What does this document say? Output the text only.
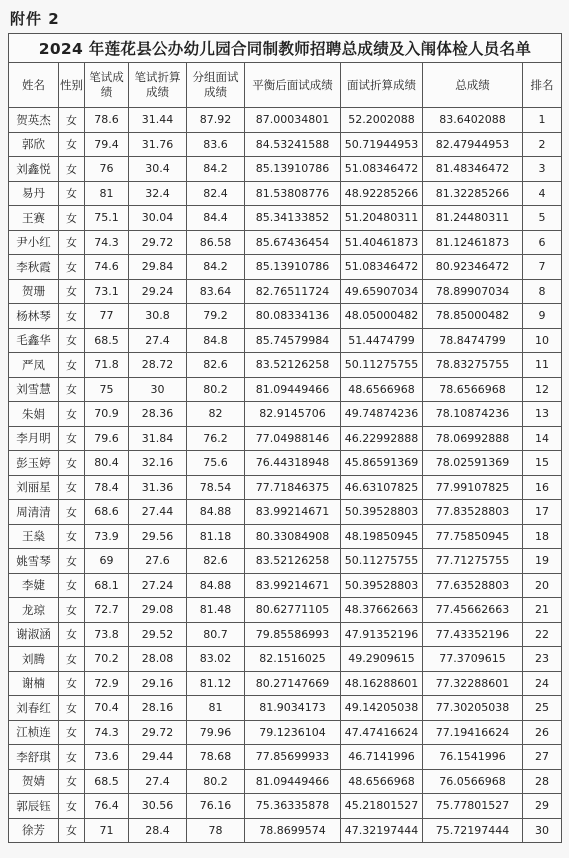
附件 2
2024 年莲花县公办幼儿园合同制教师招聘总成绩及入闱体检人员名单								
姓名	性别	笔试成绩	笔试折算成绩	分组面试成绩	平衡后面试成绩	面试折算成绩	总成绩	排名
贺英杰	女	78.6	31.44	87.92	87.00034801	52.2002088	83.6402088	1
郭欣	女	79.4	31.76	83.6	84.53241588	50.71944953	82.47944953	2
刘鑫悦	女	76	30.4	84.2	85.13910786	51.08346472	81.48346472	3
易丹	女	81	32.4	82.4	81.53808776	48.92285266	81.32285266	4
王赛	女	75.1	30.04	84.4	85.34133852	51.20480311	81.24480311	5
尹小红	女	74.3	29.72	86.58	85.67436454	51.40461873	81.12461873	6
李秋霞	女	74.6	29.84	84.2	85.13910786	51.08346472	80.92346472	7
贺珊	女	73.1	29.24	83.64	82.76511724	49.65907034	78.89907034	8
杨林琴	女	77	30.8	79.2	80.08334136	48.05000482	78.85000482	9
毛鑫华	女	68.5	27.4	84.8	85.74579984	51.4474799	78.8474799	10
严凤	女	71.8	28.72	82.6	83.52126258	50.11275755	78.83275755	11
刘雪慧	女	75	30	80.2	81.09449466	48.6566968	78.6566968	12
朱娟	女	70.9	28.36	82	82.9145706	49.74874236	78.10874236	13
李月明	女	79.6	31.84	76.2	77.04988146	46.22992888	78.06992888	14
彭玉婷	女	80.4	32.16	75.6	76.44318948	45.86591369	78.02591369	15
刘丽星	女	78.4	31.36	78.54	77.71846375	46.63107825	77.99107825	16
周清清	女	68.6	27.44	84.88	83.99214671	50.39528803	77.83528803	17
王燊	女	73.9	29.56	81.18	80.33084908	48.19850945	77.75850945	18
姚雪琴	女	69	27.6	82.6	83.52126258	50.11275755	77.71275755	19
李婕	女	68.1	27.24	84.88	83.99214671	50.39528803	77.63528803	20
龙琼	女	72.7	29.08	81.48	80.62771105	48.37662663	77.45662663	21
谢淑涵	女	73.8	29.52	80.7	79.85586993	47.91352196	77.43352196	22
刘腾	女	70.2	28.08	83.02	82.1516025	49.2909615	77.3709615	23
谢楠	女	72.9	29.16	81.12	80.27147669	48.16288601	77.32288601	24
刘春红	女	70.4	28.16	81	81.9034173	49.14205038	77.30205038	25
江桢连	女	74.3	29.72	79.96	79.1236104	47.47416624	77.19416624	26
李舒琪	女	73.6	29.44	78.68	77.85699933	46.7141996	76.1541996	27
贺婧	女	68.5	27.4	80.2	81.09449466	48.6566968	76.0566968	28
郭辰钰	女	76.4	30.56	76.16	75.36335878	45.21801527	75.77801527	29
徐芳	女	71	28.4	78	78.8699574	47.32197444	75.72197444	30
